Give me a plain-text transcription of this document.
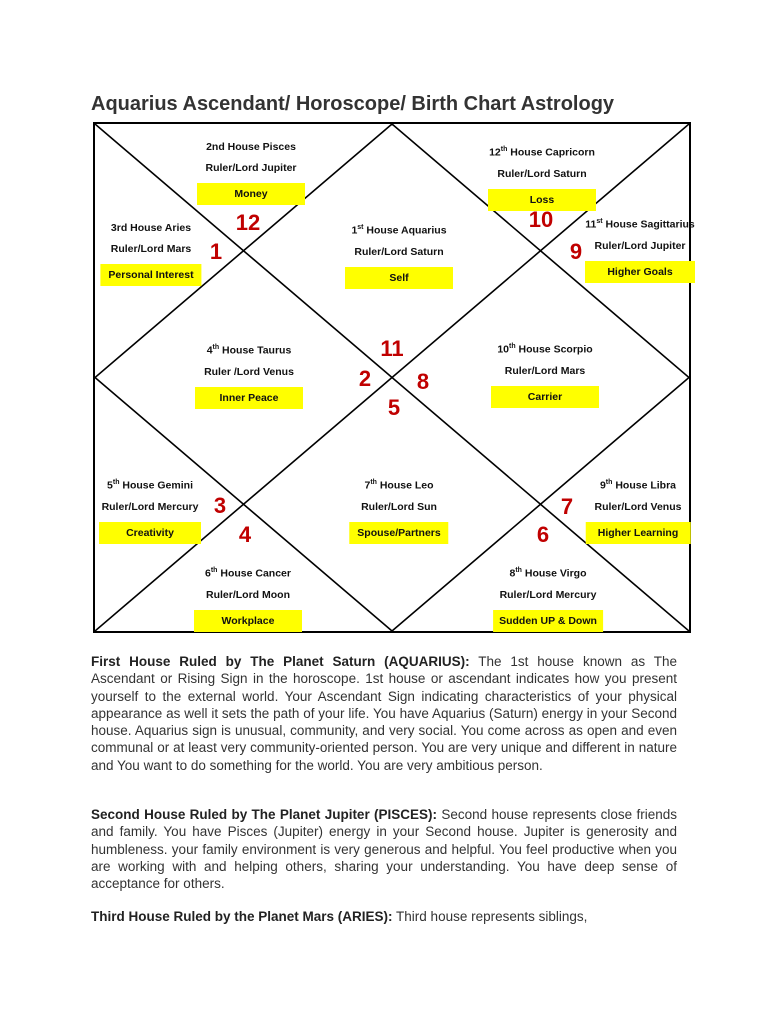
Aquarius Ascendant/ Horoscope/ Birth Chart Astrology
1st House Aquarius
Ruler/Lord Saturn
Self
2nd House Pisces
Ruler/Lord Jupiter
Money
3rd House Aries
Ruler/Lord Mars
Personal Interest
4th House Taurus
Ruler /Lord Venus
Inner Peace
5th House Gemini
Ruler/Lord Mercury
Creativity
6th House Cancer
Ruler/Lord Moon
Workplace
7th House Leo
Ruler/Lord Sun
Spouse/Partners
8th House Virgo
Ruler/Lord Mercury
Sudden UP & Down
9th House Libra
Ruler/Lord Venus
Higher Learning
10th House Scorpio
Ruler/Lord Mars
Carrier
11st House Sagittarius
Ruler/Lord Jupiter
Higher Goals
12th House Capricorn
Ruler/Lord Saturn
Loss
12
1
10
9
11
2 8
5
3
4
7
6

First House Ruled by The Planet Saturn (AQUARIUS): The 1st house known as The Ascendant or Rising Sign in the horoscope. 1st house or ascendant indicates how you present yourself to the external world. Your Ascendant Sign indicating characteristics of your physical appearance as well it sets the path of your life. You have Aquarius (Saturn) energy in your Second house. Aquarius sign is unusual, community, and very social. You come across as open and even communal or at least very community-oriented person. You are very unique and different in nature and You want to do something for the world. You are very ambitious person.

Second House Ruled by The Planet Jupiter (PISCES): Second house represents close friends and family. You have Pisces (Jupiter) energy in your Second house. Jupiter is generosity and humbleness. your family environment is very generous and helpful. You feel productive when you are working with and helping others, sharing your understanding. You have deep sense of acceptance for others.

Third House Ruled by the Planet Mars (ARIES): Third house represents siblings,
